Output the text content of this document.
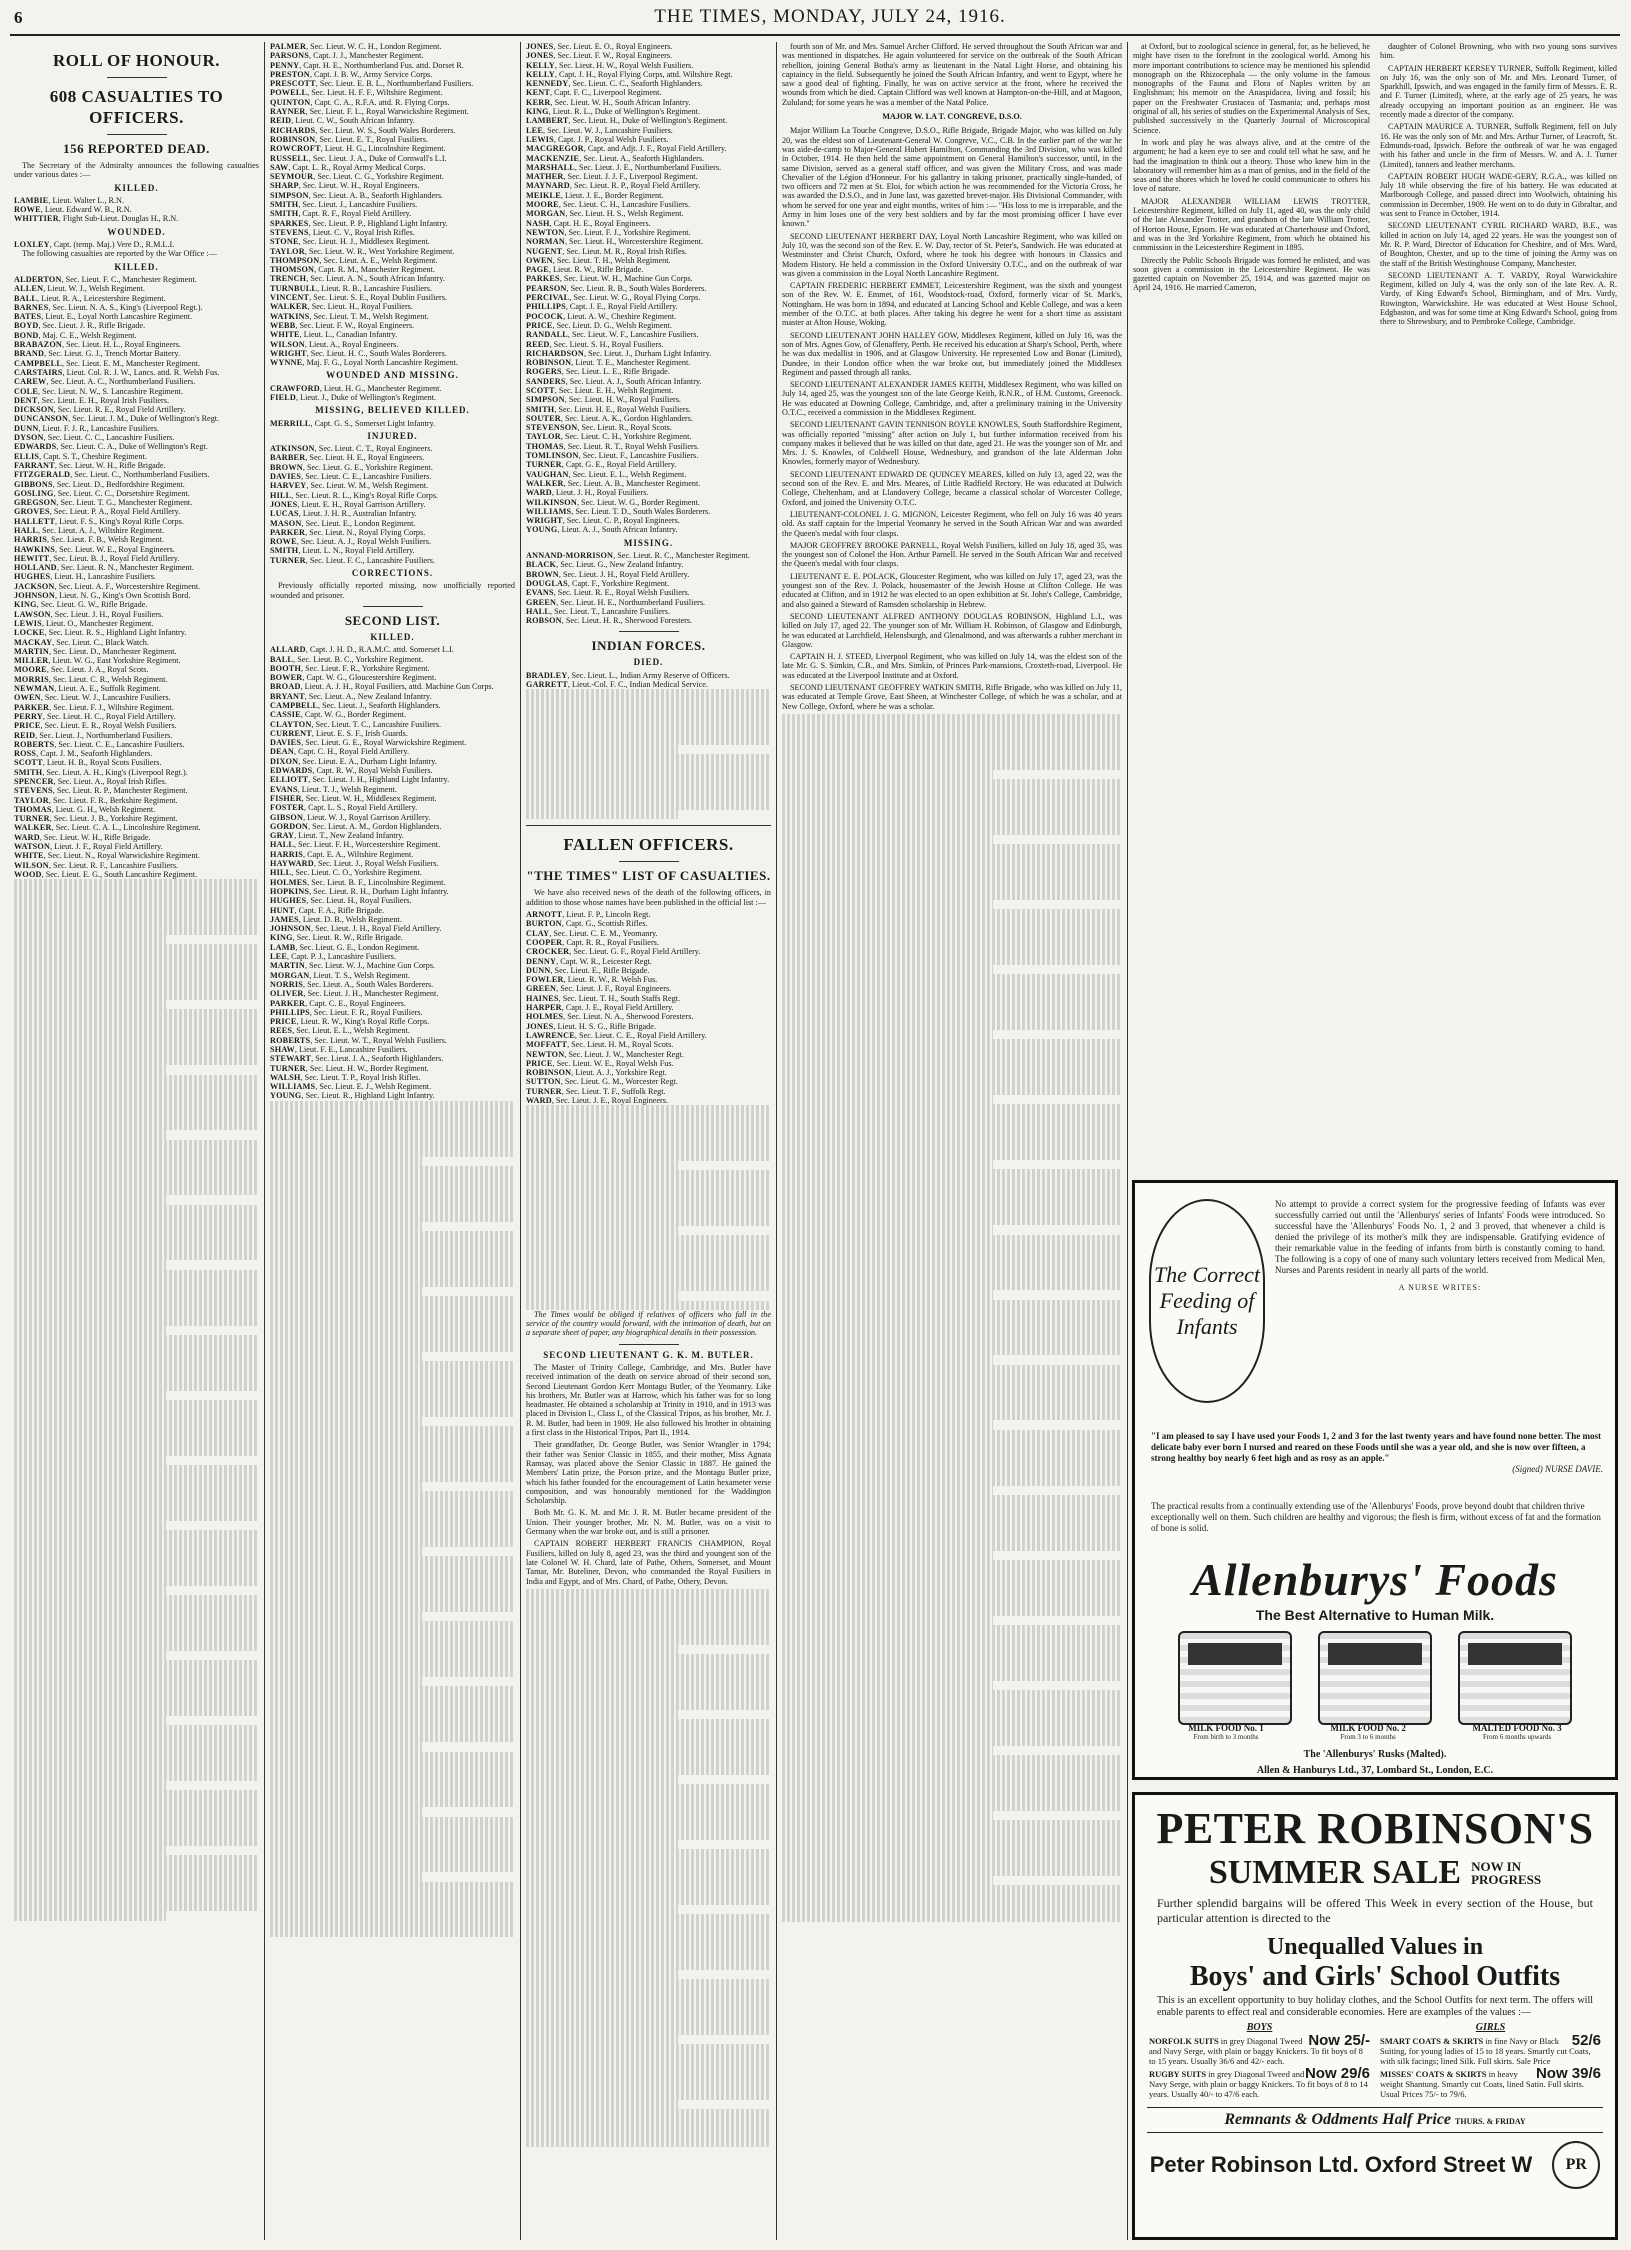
6	THE TIMES, MONDAY, JULY 24, 1916.
ROLL OF HONOUR.
608 CASUALTIES TO OFFICERS.
156 REPORTED DEAD.

The Secretary of the Admiralty announces the following casualties under various dates :—

KILLED.
LAMBIE, Lieut. Walter L., R.N.
ROWE, Lieut. Edward W. B., R.N.
WHITTIER, Flight Sub-Lieut. Douglas H., R.N.
WOUNDED.
LOXLEY, Capt. (temp. Maj.) Vere D., R.M.L.I.

The following casualties are reported by the War Office :—

KILLED.
ALDERTON, Sec. Lieut. F. C., Manchester Regiment.
ALLEN, Lieut. W. J., Welsh Regiment.
BALL, Lieut. R. A., Leicestershire Regiment.
BARNES, Sec. Lieut. N. A. S., King's (Liverpool Regt.).
BATES, Lieut. E., Loyal North Lancashire Regiment.
BOYD, Sec. Lieut. J. R., Rifle Brigade.
BOND, Maj. C. E., Welsh Regiment.
BRABAZON, Sec. Lieut. H. L., Royal Engineers.
BRAND, Sec. Lieut. G. J., Trench Mortar Battery.
CAMPBELL, Sec. Lieut. E. M., Manchester Regiment.
CARSTAIRS, Lieut. Col. R. J. W., Lancs. attd. R. Welsh Fus.
CAREW, Sec. Lieut. A. C., Northumberland Fusiliers.
COLE, Sec. Lieut. N. W., S. Lancashire Regiment.
DENT, Sec. Lieut. E. H., Royal Irish Fusiliers.
DICKSON, Sec. Lieut. R. E., Royal Field Artillery.
DUNCANSON, Sec. Lieut. J. M., Duke of Wellington's Regt.
DUNN, Lieut. F. J. R., Lancashire Fusiliers.
DYSON, Sec. Lieut. C. C., Lancashire Fusiliers.
EDWARDS, Sec. Lieut. C. A., Duke of Wellington's Regt.
ELLIS, Capt. S. T., Cheshire Regiment.
FARRANT, Sec. Lieut. W. H., Rifle Brigade.
FITZGERALD, Sec. Lieut. C., Northumberland Fusiliers.
GIBBONS, Sec. Lieut. D., Bedfordshire Regiment.
GOSLING, Sec. Lieut. C. C., Dorsetshire Regiment.
GREGSON, Sec. Lieut. T. G., Manchester Regiment.
GROVES, Sec. Lieut. P. A., Royal Field Artillery.
HALLETT, Lieut. F. S., King's Royal Rifle Corps.
HALL, Sec. Lieut. A. J., Wiltshire Regiment.
HARRIS, Sec. Lieut. F. B., Welsh Regiment.
HAWKINS, Sec. Lieut. W. E., Royal Engineers.
HEWITT, Sec. Lieut. B. J., Royal Field Artillery.
HOLLAND, Sec. Lieut. R. N., Manchester Regiment.
HUGHES, Lieut. H., Lancashire Fusiliers.
JACKSON, Sec. Lieut. A. F., Worcestershire Regiment.
JOHNSON, Lieut. N. G., King's Own Scottish Bord.
KING, Sec. Lieut. G. W., Rifle Brigade.
LAWSON, Sec. Lieut. J. H., Royal Fusiliers.
LEWIS, Lieut. O., Manchester Regiment.
LOCKE, Sec. Lieut. R. S., Highland Light Infantry.
MACKAY, Sec. Lieut. C., Black Watch.
MARTIN, Sec. Lieut. D., Manchester Regiment.
MILLER, Lieut. W. G., East Yorkshire Regiment.
MOORE, Sec. Lieut. J. A., Royal Scots.
MORRIS, Sec. Lieut. C. R., Welsh Regiment.
NEWMAN, Lieut. A. E., Suffolk Regiment.
OWEN, Sec. Lieut. W. J., Lancashire Fusiliers.
PARKER, Sec. Lieut. F. J., Wiltshire Regiment.
PERRY, Sec. Lieut. H. C., Royal Field Artillery.
PRICE, Sec. Lieut. E. R., Royal Welsh Fusiliers.
REID, Sec. Lieut. J., Northumberland Fusiliers.
ROBERTS, Sec. Lieut. C. E., Lancashire Fusiliers.
ROSS, Capt. J. M., Seaforth Highlanders.
SCOTT, Lieut. H. B., Royal Scots Fusiliers.
SMITH, Sec. Lieut. A. H., King's (Liverpool Regt.).
SPENCER, Sec. Lieut. A., Royal Irish Rifles.
STEVENS, Sec. Lieut. R. P., Manchester Regiment.
TAYLOR, Sec. Lieut. F. R., Berkshire Regiment.
THOMAS, Lieut. G. H., Welsh Regiment.
TURNER, Sec. Lieut. J. B., Yorkshire Regiment.
WALKER, Sec. Lieut. C. A. L., Lincolnshire Regiment.
WARD, Sec. Lieut. W. H., Rifle Brigade.
WATSON, Lieut. J. F., Royal Field Artillery.
WHITE, Sec. Lieut. N., Royal Warwickshire Regiment.
WILSON, Sec. Lieut. R. F., Lancashire Fusiliers.
WOOD, Sec. Lieut. E. G., South Lancashire Regiment.
PALMER, Sec. Lieut. W. C. H., London Regiment.
PARSONS, Capt. J. J., Manchester Regiment.
PENNY, Capt. H. E., Northumberland Fus. attd. Dorset R.
PRESTON, Capt. J. B. W., Army Service Corps.
PRESCOTT, Sec. Lieut. E. B. L., Northumberland Fusiliers.
POWELL, Sec. Lieut. H. F. F., Wiltshire Regiment.
QUINTON, Capt. C. A., R.F.A. attd. R. Flying Corps.
RAYNER, Sec. Lieut. F. L., Royal Warwickshire Regiment.
REID, Lieut. C. W., South African Infantry.
RICHARDS, Sec. Lieut. W. S., South Wales Borderers.
ROBINSON, Sec. Lieut. E. T., Royal Fusiliers.
ROWCROFT, Lieut. H. G., Lincolnshire Regiment.
RUSSELL, Sec. Lieut. J. A., Duke of Cornwall's L.I.
SAW, Capt. L. R., Royal Army Medical Corps.
SEYMOUR, Sec. Lieut. C. G., Yorkshire Regiment.
SHARP, Sec. Lieut. W. H., Royal Engineers.
SIMPSON, Sec. Lieut. A. B., Seaforth Highlanders.
SMITH, Sec. Lieut. J., Lancashire Fusiliers.
SMITH, Capt. R. F., Royal Field Artillery.
SPARKES, Sec. Lieut. P. P., Highland Light Infantry.
STEVENS, Lieut. C. V., Royal Irish Rifles.
STONE, Sec. Lieut. H. J., Middlesex Regiment.
TAYLOR, Sec. Lieut. W. R., West Yorkshire Regiment.
THOMPSON, Sec. Lieut. A. E., Welsh Regiment.
THOMSON, Capt. R. M., Manchester Regiment.
TRENCH, Sec. Lieut. A. N., South African Infantry.
TURNBULL, Lieut. R. B., Lancashire Fusiliers.
VINCENT, Sec. Lieut. S. E., Royal Dublin Fusiliers.
WALKER, Sec. Lieut. H., Royal Fusiliers.
WATKINS, Sec. Lieut. T. M., Welsh Regiment.
WEBB, Sec. Lieut. F. W., Royal Engineers.
WHITE, Lieut. L., Canadian Infantry.
WILSON, Lieut. A., Royal Engineers.
WRIGHT, Sec. Lieut. H. C., South Wales Borderers.
WYNNE, Maj. F. G., Loyal North Lancashire Regiment.
WOUNDED AND MISSING.
CRAWFORD, Lieut. H. G., Manchester Regiment.
FIELD, Lieut. J., Duke of Wellington's Regiment.
MISSING, BELIEVED KILLED.
MERRILL, Capt. G. S., Somerset Light Infantry.
INJURED.
ATKINSON, Sec. Lieut. C. T., Royal Engineers.
BARBER, Sec. Lieut. H. E., Royal Engineers.
BROWN, Sec. Lieut. G. E., Yorkshire Regiment.
DAVIES, Sec. Lieut. C. E., Lancashire Fusiliers.
HARVEY, Sec. Lieut. W. M., Welsh Regiment.
HILL, Sec. Lieut. R. L., King's Royal Rifle Corps.
JONES, Lieut. E. H., Royal Garrison Artillery.
LUCAS, Lieut. J. H. R., Australian Infantry.
MASON, Sec. Lieut. E., London Regiment.
PARKER, Sec. Lieut. N., Royal Flying Corps.
ROWE, Sec. Lieut. A. J., Royal Welsh Fusiliers.
SMITH, Lieut. L. N., Royal Field Artillery.
TURNER, Sec. Lieut. F. C., Lancashire Fusiliers.
CORRECTIONS.

Previously officially reported missing, now unofficially reported wounded and prisoner.

SECOND LIST.
KILLED.
ALLARD, Capt. J. H. D., R.A.M.C. attd. Somerset L.I.
BALL, Sec. Lieut. B. C., Yorkshire Regiment.
BOOTH, Sec. Lieut. F. R., Yorkshire Regiment.
BOWER, Capt. W. G., Gloucestershire Regiment.
BROAD, Lieut. A. J. H., Royal Fusiliers, attd. Machine Gun Corps.
BRYANT, Sec. Lieut. A., New Zealand Infantry.
CAMPBELL, Sec. Lieut. J., Seaforth Highlanders.
CASSIE, Capt. W. G., Border Regiment.
CLAYTON, Sec. Lieut. T. C., Lancashire Fusiliers.
CURRENT, Lieut. E. S. F., Irish Guards.
DAVIES, Sec. Lieut. G. E., Royal Warwickshire Regiment.
DEAN, Capt. C. H., Royal Field Artillery.
DIXON, Sec. Lieut. E. A., Durham Light Infantry.
EDWARDS, Capt. R. W., Royal Welsh Fusiliers.
ELLIOTT, Sec. Lieut. J. H., Highland Light Infantry.
EVANS, Lieut. T. J., Welsh Regiment.
FISHER, Sec. Lieut. W. H., Middlesex Regiment.
FOSTER, Capt. L. S., Royal Field Artillery.
GIBSON, Lieut. W. J., Royal Garrison Artillery.
GORDON, Sec. Lieut. A. M., Gordon Highlanders.
GRAY, Lieut. T., New Zealand Infantry.
HALL, Sec. Lieut. F. H., Worcestershire Regiment.
HARRIS, Capt. E. A., Wiltshire Regiment.
HAYWARD, Sec. Lieut. J., Royal Welsh Fusiliers.
HILL, Sec. Lieut. C. O., Yorkshire Regiment.
HOLMES, Sec. Lieut. B. F., Lincolnshire Regiment.
HOPKINS, Sec. Lieut. R. H., Durham Light Infantry.
HUGHES, Sec. Lieut. H., Royal Fusiliers.
HUNT, Capt. F. A., Rifle Brigade.
JAMES, Lieut. D. B., Welsh Regiment.
JOHNSON, Sec. Lieut. J. H., Royal Field Artillery.
KING, Sec. Lieut. R. W., Rifle Brigade.
LAMB, Sec. Lieut. G. E., London Regiment.
LEE, Capt. P. J., Lancashire Fusiliers.
MARTIN, Sec. Lieut. W. J., Machine Gun Corps.
MORGAN, Lieut. T. S., Welsh Regiment.
NORRIS, Sec. Lieut. A., South Wales Borderers.
OLIVER, Sec. Lieut. J. H., Manchester Regiment.
PARKER, Capt. C. E., Royal Engineers.
PHILLIPS, Sec. Lieut. F. R., Royal Fusiliers.
PRICE, Lieut. R. W., King's Royal Rifle Corps.
REES, Sec. Lieut. E. L., Welsh Regiment.
ROBERTS, Sec. Lieut. W. T., Royal Welsh Fusiliers.
SHAW, Lieut. F. E., Lancashire Fusiliers.
STEWART, Sec. Lieut. J. A., Seaforth Highlanders.
TURNER, Sec. Lieut. H. W., Border Regiment.
WALSH, Sec. Lieut. T. P., Royal Irish Rifles.
WILLIAMS, Sec. Lieut. E. J., Welsh Regiment.
YOUNG, Sec. Lieut. R., Highland Light Infantry.
JONES, Sec. Lieut. E. O., Royal Engineers.
JONES, Sec. Lieut. F. W., Royal Engineers.
KELLY, Sec. Lieut. H. W., Royal Welsh Fusiliers.
KELLY, Capt. J. H., Royal Flying Corps, attd. Wiltshire Regt.
KENNEDY, Sec. Lieut. C. C., Seaforth Highlanders.
KENT, Capt. F. C., Liverpool Regiment.
KERR, Sec. Lieut. W. H., South African Infantry.
KING, Lieut. R. L., Duke of Wellington's Regiment.
LAMBERT, Sec. Lieut. H., Duke of Wellington's Regiment.
LEE, Sec. Lieut. W. J., Lancashire Fusiliers.
LEWIS, Capt. J. P., Royal Welsh Fusiliers.
MACGREGOR, Capt. and Adjt. J. F., Royal Field Artillery.
MACKENZIE, Sec. Lieut. A., Seaforth Highlanders.
MARSHALL, Sec. Lieut. J. E., Northumberland Fusiliers.
MATHER, Sec. Lieut. J. J. F., Liverpool Regiment.
MAYNARD, Sec. Lieut. R. P., Royal Field Artillery.
MEIKLE, Lieut. J. E., Border Regiment.
MOORE, Sec. Lieut. C. H., Lancashire Fusiliers.
MORGAN, Sec. Lieut. H. S., Welsh Regiment.
NASH, Capt. H. E., Royal Engineers.
NEWTON, Sec. Lieut. F. J., Yorkshire Regiment.
NORMAN, Sec. Lieut. H., Worcestershire Regiment.
NUGENT, Sec. Lieut. M. R., Royal Irish Rifles.
OWEN, Sec. Lieut. T. H., Welsh Regiment.
PAGE, Lieut. R. W., Rifle Brigade.
PARKES, Sec. Lieut. W. H., Machine Gun Corps.
PEARSON, Sec. Lieut. R. B., South Wales Borderers.
PERCIVAL, Sec. Lieut. W. G., Royal Flying Corps.
PHILLIPS, Capt. J. E., Royal Field Artillery.
POCOCK, Lieut. A. W., Cheshire Regiment.
PRICE, Sec. Lieut. D. G., Welsh Regiment.
RANDALL, Sec. Lieut. W. F., Lancashire Fusiliers.
REED, Sec. Lieut. S. H., Royal Fusiliers.
RICHARDSON, Sec. Lieut. J., Durham Light Infantry.
ROBINSON, Lieut. T. E., Manchester Regiment.
ROGERS, Sec. Lieut. L. E., Rifle Brigade.
SANDERS, Sec. Lieut. A. J., South African Infantry.
SCOTT, Sec. Lieut. E. H., Welsh Regiment.
SIMPSON, Sec. Lieut. H. W., Royal Fusiliers.
SMITH, Sec. Lieut. H. E., Royal Welsh Fusiliers.
SOUTER, Sec. Lieut. A. K., Gordon Highlanders.
STEVENSON, Sec. Lieut. R., Royal Scots.
TAYLOR, Sec. Lieut. C. H., Yorkshire Regiment.
THOMAS, Sec. Lieut. R. T., Royal Welsh Fusiliers.
TOMLINSON, Sec. Lieut. F., Lancashire Fusiliers.
TURNER, Capt. G. E., Royal Field Artillery.
VAUGHAN, Sec. Lieut. E. L., Welsh Regiment.
WALKER, Sec. Lieut. A. B., Manchester Regiment.
WARD, Lieut. J. H., Royal Fusiliers.
WILKINSON, Sec. Lieut. W. G., Border Regiment.
WILLIAMS, Sec. Lieut. T. D., South Wales Borderers.
WRIGHT, Sec. Lieut. C. P., Royal Engineers.
YOUNG, Lieut. A. J., South African Infantry.
MISSING.
ANNAND-MORRISON, Sec. Lieut. R. C., Manchester Regiment.
BLACK, Sec. Lieut. G., New Zealand Infantry.
BROWN, Sec. Lieut. J. H., Royal Field Artillery.
DOUGLAS, Capt. F., Yorkshire Regiment.
EVANS, Sec. Lieut. R. E., Royal Welsh Fusiliers.
GREEN, Sec. Lieut. H. E., Northumberland Fusiliers.
HALL, Sec. Lieut. T., Lancashire Fusiliers.
ROBSON, Sec. Lieut. H. R., Sherwood Foresters.
INDIAN FORCES.
DIED.
BRADLEY, Sec. Lieut. L., Indian Army Reserve of Officers.
GARRETT, Lieut.-Col. F. C., Indian Medical Service.
FALLEN OFFICERS.
"THE TIMES" LIST OF CASUALTIES.

We have also received news of the death of the following officers, in addition to those whose names have been published in the official list :—

ARNOTT, Lieut. F. P., Lincoln Regt.
BURTON, Capt. G., Scottish Rifles.
CLAY, Sec. Lieut. C. E. M., Yeomanry.
COOPER, Capt. R. R., Royal Fusiliers.
CROCKER, Sec. Lieut. G. F., Royal Field Artillery.
DENNY, Capt. W. R., Leicester Regt.
DUNN, Sec. Lieut. E., Rifle Brigade.
FOWLER, Lieut. R. W., R. Welsh Fus.
GREEN, Sec. Lieut. J. F., Royal Engineers.
HAINES, Sec. Lieut. T. H., South Staffs Regt.
HARPER, Capt. J. E., Royal Field Artillery.
HOLMES, Sec. Lieut. N. A., Sherwood Foresters.
JONES, Lieut. H. S. G., Rifle Brigade.
LAWRENCE, Sec. Lieut. C. E., Royal Field Artillery.
MOFFATT, Sec. Lieut. H. M., Royal Scots.
NEWTON, Sec. Lieut. J. W., Manchester Regt.
PRICE, Sec. Lieut. W. E., Royal Welsh Fus.
ROBINSON, Lieut. A. J., Yorkshire Regt.
SUTTON, Sec. Lieut. G. M., Worcester Regt.
TURNER, Sec. Lieut. T. F., Suffolk Regt.
WARD, Sec. Lieut. J. E., Royal Engineers.

The Times would be obliged if relatives of officers who fall in the service of the country would forward, with the intimation of death, but on a separate sheet of paper, any biographical details in their possession.

SECOND LIEUTENANT G. K. M. BUTLER.

The Master of Trinity College, Cambridge, and Mrs. Butler have received intimation of the death on service abroad of their second son, Second Lieutenant Gordon Kerr Montagu Butler, of the Yeomanry. Like his brothers, Mr. Butler was at Harrow, which his father was for so long headmaster. He obtained a scholarship at Trinity in 1910, and in 1913 was placed in Division I., Class I., of the Classical Tripos, as his brother, Mr. J. R. M. Butler, had been in 1909. He also followed his brother in obtaining a first class in the Historical Tripos, Part II., 1914.

Their grandfather, Dr. George Butler, was Senior Wrangler in 1794; their father was Senior Classic in 1855, and their mother, Miss Agnata Ramsay, was placed above the Senior Classic in 1887. He gained the Members' Latin prize, the Porson prize, and the Montagu Butler prize, which his father founded for the encouragement of Latin hexameter verse composition, and was honourably mentioned for the Waddington Scholarship.

Both Mr. G. K. M. and Mr. J. R. M. Butler became president of the Union. Their younger brother, Mr. N. M. Butler, was on a visit to Germany when the war broke out, and is still a prisoner.

CAPTAIN ROBERT HERBERT FRANCIS CHAMPION, Royal Fusiliers, killed on July 8, aged 23, was the third and youngest son of the late Colonel W. H. Chard, late of Pathe, Others, Somerset, and Mount Tamar, Mr. Buteliner, Devon, who commanded the Royal Fusiliers in India and Egypt, and of Mrs. Chard, of Pathe, Othery, Devon.

fourth son of Mr. and Mrs. Samuel Archer Clifford. He served throughout the South African war and was mentioned in dispatches. He again volunteered for service on the outbreak of the South African rebellion, joining General Botha's army as lieutenant in the Natal Light Horse, and obtaining his captaincy in the field. Subsequently he joined the South African Infantry, and went to Egypt, where he saw a good deal of fighting. Finally, he was on active service at the front, where he received the wounds from which he died. Captain Clifford was well known at Hampton-on-the-Hill, and at Magoon, Zululand; for some years he was a member of the Natal Police.

MAJOR W. LA T. CONGREVE, D.S.O.

Major William La Touche Congreve, D.S.O., Rifle Brigade, Brigade Major, who was killed on July 20, was the eldest son of Lieutenant-General W. Congreve, V.C., C.B. In the earlier part of the war he was aide-de-camp to Major-General Hubert Hamilton, Commanding the 3rd Division, who was killed in October, 1914. He then held the same appointment on General Hamilton's successor, until, in the same Division, served as a general staff officer, and was given the Military Cross, and was made Chevalier of the Légion d'Honneur. For his gallantry in taking prisoner, practically single-handed, of two officers and 72 men at St. Eloi, for which action he was recommended for the Victoria Cross, he was awarded the D.S.O., and in June last, was gazetted brevet-major. His Divisional Commander, with whom he served for one year and eight months, writes of him :— "His loss to me is irreparable, and the Army in him loses one of the very best soldiers and by far the most promising officer I have ever known."

SECOND LIEUTENANT HERBERT DAY, Loyal North Lancashire Regiment, who was killed on July 10, was the second son of the Rev. E. W. Day, rector of St. Peter's, Sandwich. He was educated at Westminster and Christ Church, Oxford, where he took his degree with honours in Classics and Modern History. He held a commission in the Oxford University O.T.C., and on the outbreak of war was given a commission in the Loyal North Lancashire Regiment.

CAPTAIN FREDERIC HERBERT EMMET, Leicestershire Regiment, was the sixth and youngest son of the Rev. W. E. Emmet, of 161, Woodstock-road, Oxford, formerly vicar of St. Mark's, Nottingham. He was born in 1894, and educated at Lancing School and Keble College, and was a keen member of the O.T.C. at both places. After taking his degree he went for a short time as assistant master at Alton House, Woking.

SECOND LIEUTENANT JOHN HALLEY GOW, Middlesex Regiment, killed on July 16, was the son of Mrs. Agnes Gow, of Glenaffery, Perth. He received his education at Sharp's School, Perth, where he was dux medallist in 1906, and at Glasgow University. He represented Low and Bonar (Limited), Dundee, in their London office when the war broke out, but immediately joined the Middlesex Regiment and passed through all ranks.

SECOND LIEUTENANT ALEXANDER JAMES KEITH, Middlesex Regiment, who was killed on July 14, aged 25, was the youngest son of the late George Keith, R.N.R., of H.M. Customs, Greenock. He was educated at Downing College, Cambridge, and, after a preliminary training in the University O.T.C., received a commission in the Middlesex Regiment.

SECOND LIEUTENANT GAVIN TENNISON ROYLE KNOWLES, South Staffordshire Regiment, was officially reported "missing" after action on July 1, but further information received from his company makes it believed that he was killed on that date, aged 21. He was the younger son of Mr. and Mrs. J. S. Knowles, of Coldwell House, Wednesbury, and grandson of the late Alderman John Knowles, formerly mayor of Wednesbury.

SECOND LIEUTENANT EDWARD DE QUINCEY MEARES, killed on July 13, aged 22, was the second son of the Rev. E. and Mrs. Meares, of Little Radfield Rectory. He was educated at Dulwich College, Cheltenham, and at Llandovery College, became a classical scholar of Worcester College, Oxford, and joined the University O.T.C.

LIEUTENANT-COLONEL J. G. MIGNON, Leicester Regiment, who fell on July 16 was 40 years old. As staff captain for the Imperial Yeomanry he served in the South African War and was awarded the Queen's medal with four clasps.

MAJOR GEOFFREY BROOKE PARNELL, Royal Welsh Fusiliers, killed on July 18, aged 35, was the youngest son of Colonel the Hon. Arthur Parnell. He served in the South African War and received the Queen's medal with four clasps.

LIEUTENANT E. E. POLACK, Gloucester Regiment, who was killed on July 17, aged 23, was the youngest son of the Rev. J. Polack, housemaster of the Jewish House at Clifton College. He was educated at Clifton, and in 1912 he was elected to an open exhibition at St. John's College, Cambridge, and also gained a Steward of Ramsden scholarship in Hebrew.

SECOND LIEUTENANT ALFRED ANTHONY DOUGLAS ROBINSON, Highland L.I., was killed on July 17, aged 22. The younger son of Mr. William H. Robinson, of Glasgow and Edinburgh, he was educated at Larchfield, Helensburgh, and Glenalmond, and was afterwards a rubber merchant in Glasgow.

CAPTAIN H. J. STEED, Liverpool Regiment, who was killed on July 14, was the eldest son of the late Mr. G. S. Simkin, C.B., and Mrs. Simkin, of Princes Park-mansions, Croxteth-road, Liverpool. He was educated at the Liverpool Institute and at Oxford.

SECOND LIEUTENANT GEOFFREY WATKIN SMITH, Rifle Brigade, who was killed on July 11, was educated at Temple Grove, East Sheen, at Winchester College, of which he was a scholar, and at New College, Oxford, where he was a scholar.

at Oxford, but to zoological science in general, for, as he believed, he might have risen to the forefront in the zoological world. Among his more important contributions to science may be mentioned his splendid monograph on the Rhizocephala — the only volume in the famous monographs of the Fauna and Flora of Naples written by an Englishman; his memoir on the Anaspidacea, living and fossil; his paper on the Freshwater Crustacea of Tasmania; and, perhaps most original of all, his series of studies on the Experimental Analysis of Sex, published successively in the Quarterly Journal of Microscopical Science.

In work and play he was always alive, and at the centre of the argument; he had a keen eye to see and could tell what he saw, and he had the imagination to think out a theory. Those who knew him in the laboratory will remember him as a man of genius, and in the field of the seas and the shores which he loved he could communicate to others his love of nature.

MAJOR ALEXANDER WILLIAM LEWIS TROTTER, Leicestershire Regiment, killed on July 11, aged 40, was the only child of the late Alexander Trotter, and grandson of the late William Trotter, of Horton House, Epsom. He was educated at Charterhouse and Oxford, and was in the 3rd Yorkshire Regiment, from which he obtained his commission in the Leicestershire Regiment in 1895.

Directly the Public Schools Brigade was formed he enlisted, and was soon given a commission in the Leicestershire Regiment. He was gazetted captain on November 25, 1914, and was gazetted major on April 24, 1916. He married Cameron,

daughter of Colonel Browning, who with two young sons survives him.

CAPTAIN HERBERT KERSEY TURNER, Suffolk Regiment, killed on July 16, was the only son of Mr. and Mrs. Leonard Turner, of Sparkhill, Ipswich, and was engaged in the family firm of Messrs. E. R. and F. Turner (Limited), where, at the early age of 25 years, he was already occupying an important position as an engineer. He was recently made a director of the company.

CAPTAIN MAURICE A. TURNER, Suffolk Regiment, fell on July 16. He was the only son of Mr. and Mrs. Arthur Turner, of Leacroft, St. Edmunds-road, Ipswich. Before the outbreak of war he was engaged with his father and uncle in the firm of Messrs. W. and A. J. Turner (Limited), tanners and leather merchants.

CAPTAIN ROBERT HUGH WADE-GERY, R.G.A., was killed on July 18 while observing the fire of his battery. He was educated at Marlborough College, and passed direct into Woolwich, obtaining his commission in December, 1909. He went on to do duty in Gibraltar, and was sent to France in October, 1914.

SECOND LIEUTENANT CYRIL RICHARD WARD, B.E., was killed in action on July 14, aged 22 years. He was the youngest son of Mr. R. P. Ward, Director of Education for Cheshire, and of Mrs. Ward, of Boughton, Chester, and up to the time of joining the Army was on the staff of the British Westinghouse Company, Manchester.

SECOND LIEUTENANT A. T. VARDY, Royal Warwickshire Regiment, killed on July 4, was the only son of the late Rev. A. R. Vardy, of King Edward's School, Birmingham, and of Mrs. Vardy, Rowington, Warwickshire. He was educated at West House School, Edgbaston, and was for some time at King Edward's School, going from there to Shrewsbury, and to Pembroke College, Cambridge.

The Correct Feeding of Infants
No attempt to provide a correct system for the progressive feeding of Infants was ever successfully carried out until the 'Allenburys' series of Infants' Foods were introduced. So successful have the 'Allenburys' Foods No. 1, 2 and 3 proved, that whenever a child is denied the privilege of its mother's milk they are indispensable. Gratifying evidence of their remarkable value in the feeding of infants from birth is constantly coming to hand. The following is a copy of one of many such voluntary letters received from Medical Men, Nurses and Parents resident in nearly all parts of the world.
A NURSE WRITES:
"I am pleased to say I have used your Foods 1, 2 and 3 for the last twenty years and have found none better. The most delicate baby ever born I nursed and reared on these Foods until she was a year old, and she is now over fifteen, a strong healthy boy nearly 6 feet high and as rosy as an apple."
(Signed) NURSE DAVIE.
The practical results from a continually extending use of the 'Allenburys' Foods, prove beyond doubt that children thrive exceptionally well on them. Such children are healthy and vigorous; the flesh is firm, without excess of fat and the formation of bone is solid.
Allenburys' Foods
The Best Alternative to Human Milk.
MILK FOOD No. 1
From birth to 3 months
MILK FOOD No. 2
From 3 to 6 months
MALTED FOOD No. 3
From 6 months upwards
The 'Allenburys' Rusks (Malted).
Allen & Hanburys Ltd., 37, Lombard St., London, E.C.
PETER ROBINSON'S
SUMMER SALE NOW IN
PROGRESS
Further splendid bargains will be offered This Week in every section of the House, but particular attention is directed to the
Unequalled Values in
Boys' and Girls' School Outfits
This is an excellent opportunity to buy holiday clothes, and the School Outfits for next term. The offers will enable parents to effect real and considerable economies. Here are examples of the values :—
BOYS
Now 25/-
NORFOLK SUITS in grey Diagonal Tweed and Navy Serge, with plain or baggy Knickers. To fit boys of 8 to 15 years. Usually 36/6 and 42/- each.
Now 29/6
RUGBY SUITS in grey Diagonal Tweed and Navy Serge, with plain or baggy Knickers. To fit boys of 8 to 14 years. Usually 40/- to 47/6 each.
GIRLS
52/6
SMART COATS & SKIRTS in fine Navy or Black Suiting, for young ladies of 15 to 18 years. Smartly cut Coats, with silk facings; lined Silk. Full skirts. Sale Price
Now 39/6
MISSES' COATS & SKIRTS in heavy weight Shantung. Smartly cut Coats, lined Satin. Full skirts. Usual Prices 75/- to 79/6.
Remnants & Oddments Half Price THURS. & FRIDAY
Peter Robinson Ltd. Oxford Street W	PR
